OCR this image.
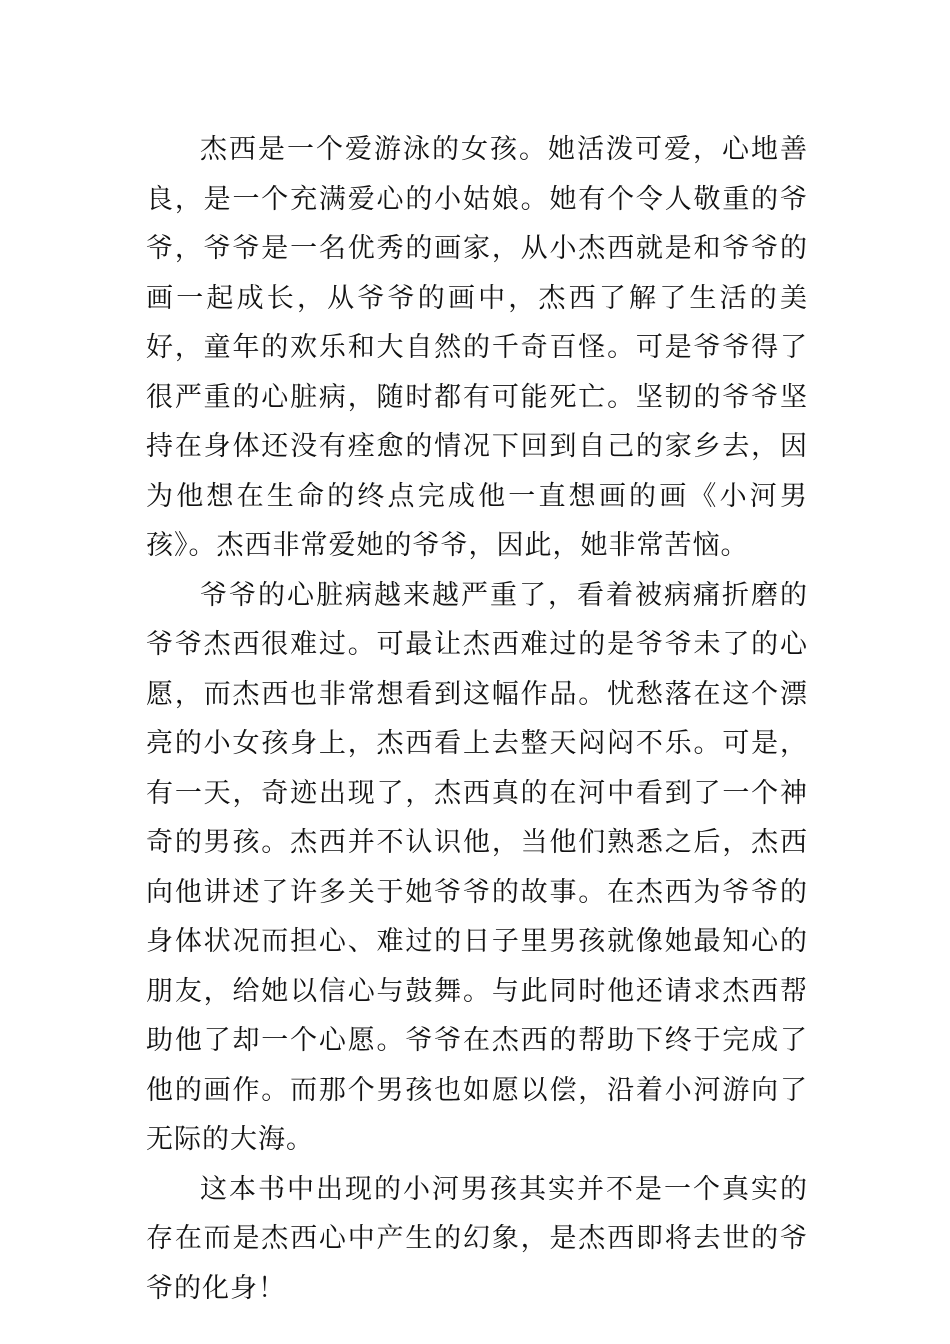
杰西是一个爱游泳的女孩。她活泼可爱，心地善良，是一个充满爱心的小姑娘。她有个令人敬重的爷爷，爷爷是一名优秀的画家，从小杰西就是和爷爷的画一起成长，从爷爷的画中，杰西了解了生活的美好，童年的欢乐和大自然的千奇百怪。可是爷爷得了很严重的心脏病，随时都有可能死亡。坚韧的爷爷坚持在身体还没有痊愈的情况下回到自己的家乡去，因为他想在生命的终点完成他一直想画的画《小河男孩》。杰西非常爱她的爷爷，因此，她非常苦恼。

爷爷的心脏病越来越严重了，看着被病痛折磨的爷爷杰西很难过。可最让杰西难过的是爷爷未了的心愿，而杰西也非常想看到这幅作品。忧愁落在这个漂亮的小女孩身上，杰西看上去整天闷闷不乐。可是，有一天，奇迹出现了，杰西真的在河中看到了一个神奇的男孩。杰西并不认识他，当他们熟悉之后，杰西向他讲述了许多关于她爷爷的故事。在杰西为爷爷的身体状况而担心、难过的日子里男孩就像她最知心的朋友，给她以信心与鼓舞。与此同时他还请求杰西帮助他了却一个心愿。爷爷在杰西的帮助下终于完成了他的画作。而那个男孩也如愿以偿，沿着小河游向了无际的大海。

这本书中出现的小河男孩其实并不是一个真实的存在而是杰西心中产生的幻象，是杰西即将去世的爷爷的化身！
